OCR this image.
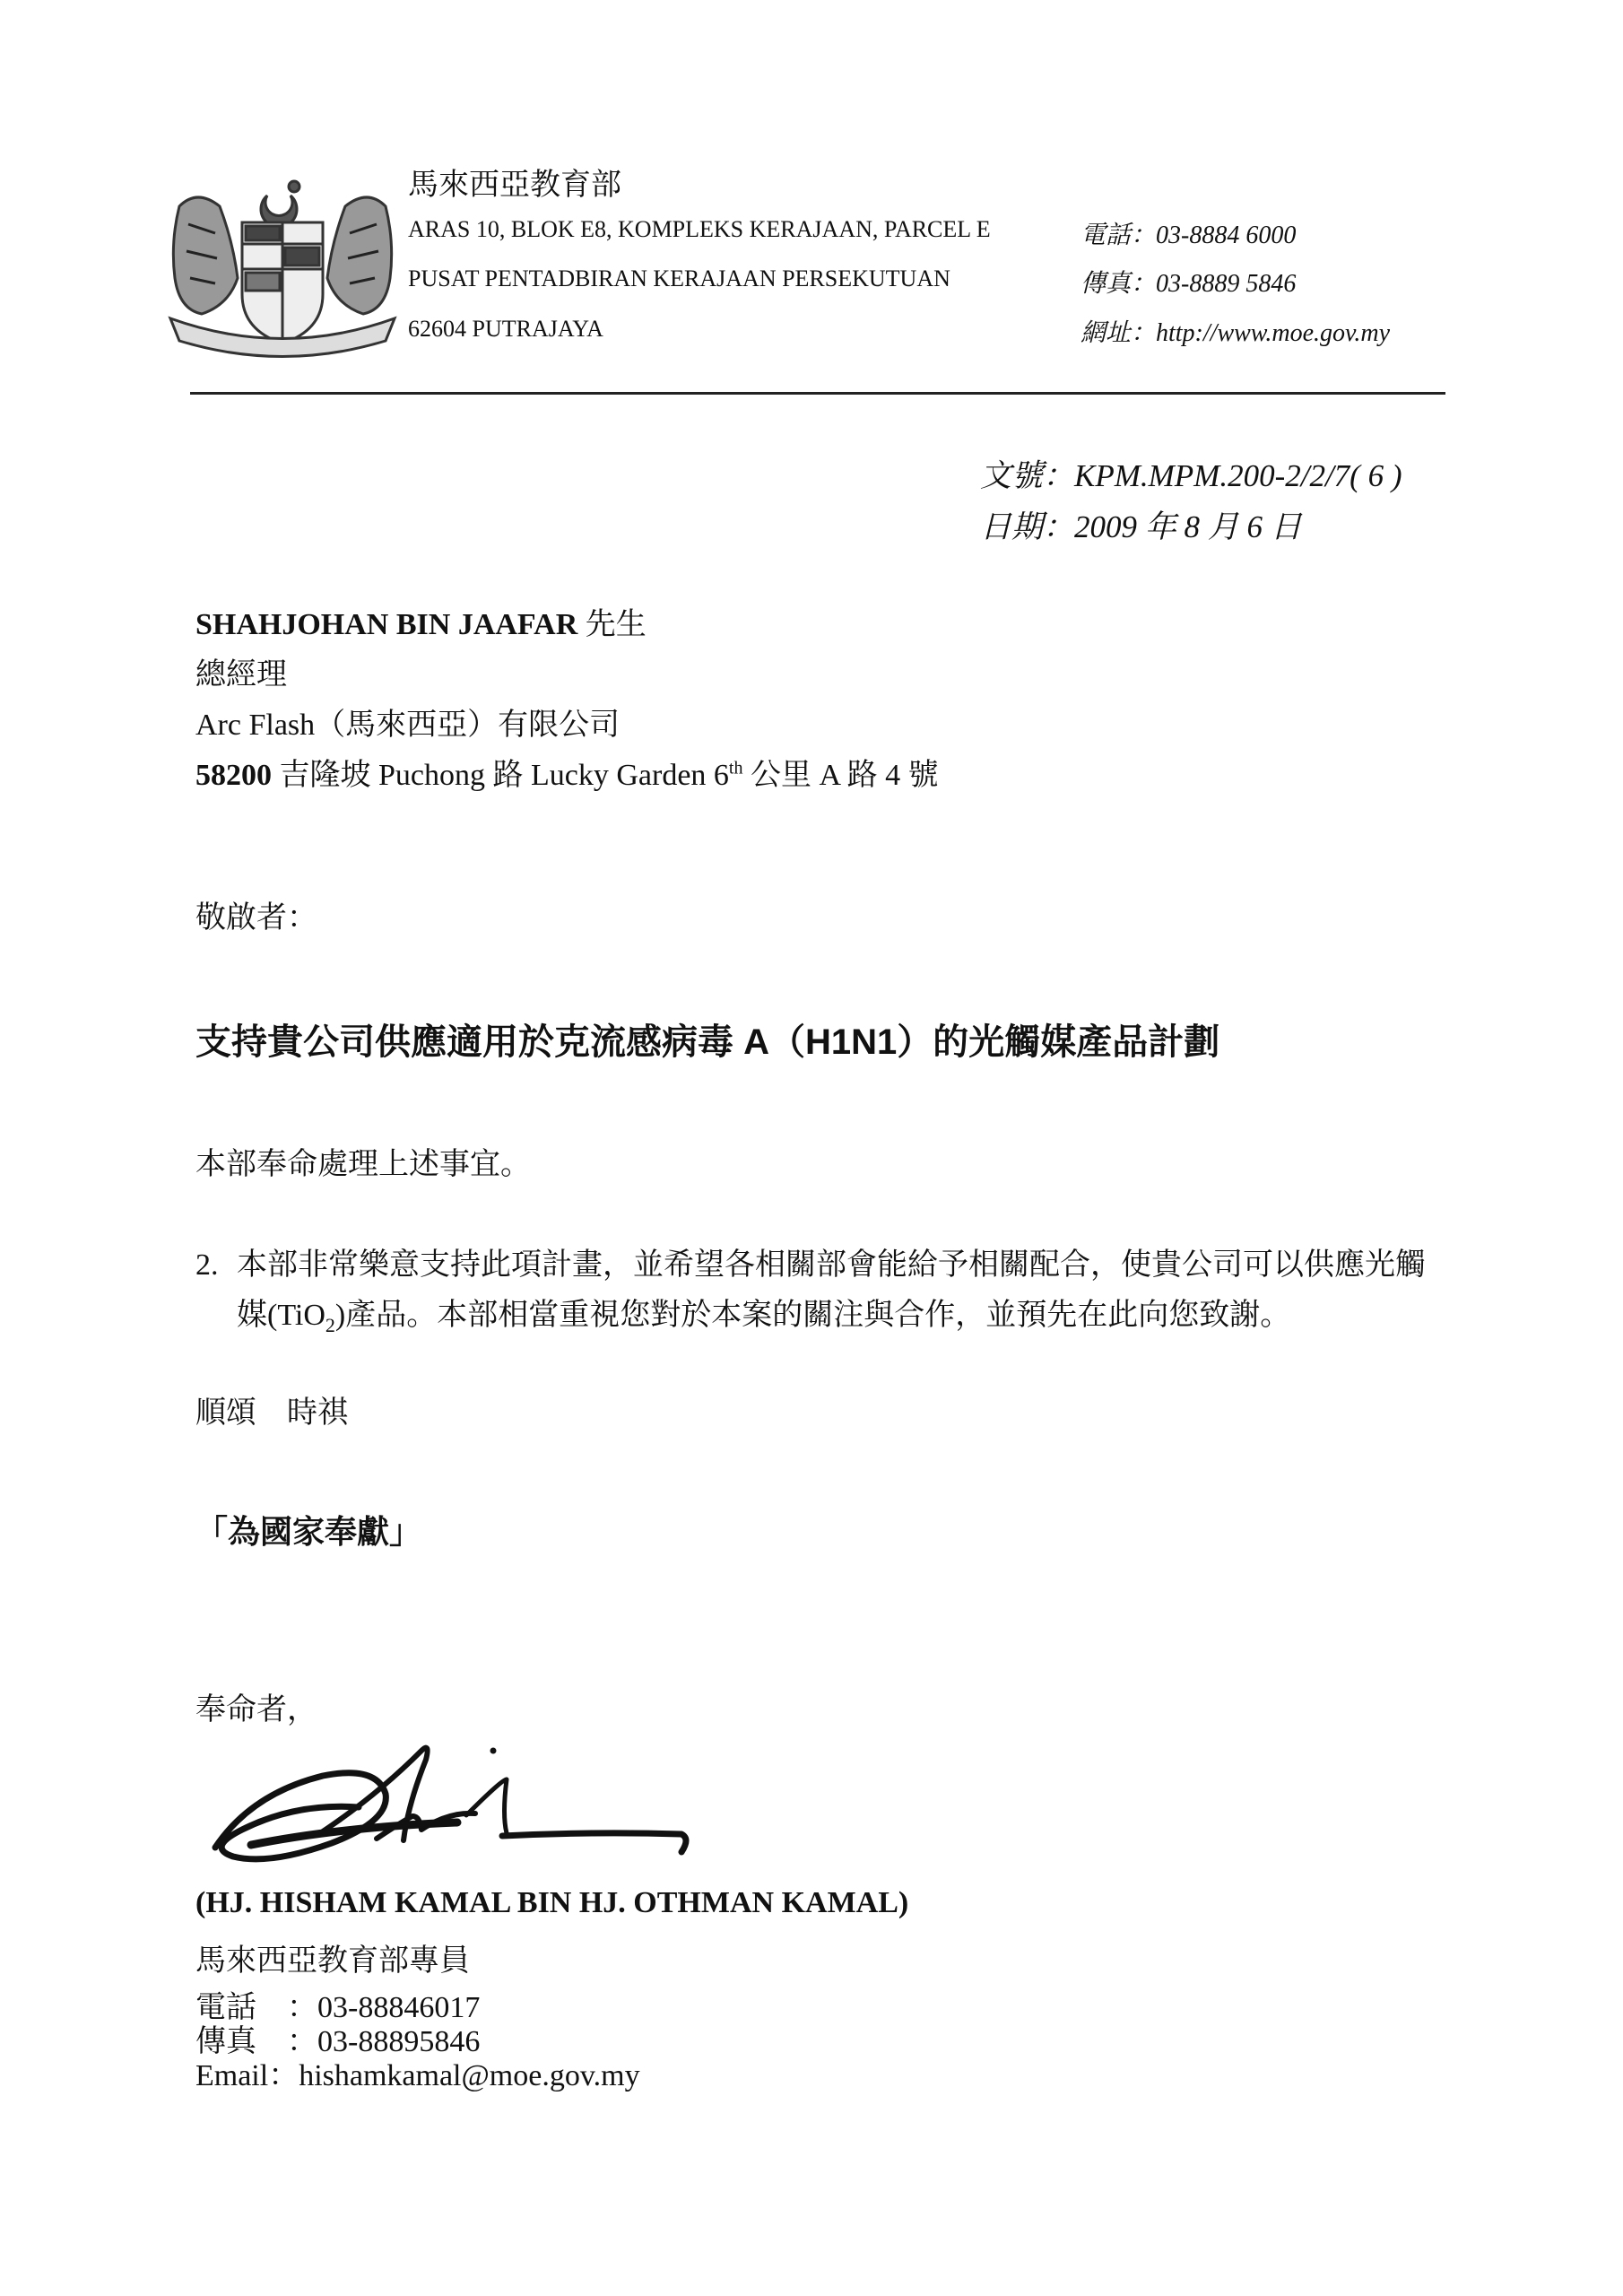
馬來西亞教育部
ARAS 10, BLOK E8, KOMPLEKS KERAJAAN, PARCEL E
PUSAT PENTADBIRAN KERAJAAN PERSEKUTUAN
62604 PUTRAJAYA
電話：03-8884 6000
傳真：03-8889 5846
網址：http://www.moe.gov.my
文號：KPM.MPM.200-2/2/7( 6 )
日期：2009 年 8 月 6 日
SHAHJOHAN BIN JAAFAR 先生
總經理
Arc Flash（馬來西亞）有限公司
58200 吉隆坡 Puchong 路 Lucky Garden 6th 公里 A 路 4 號
敬啟者：
支持貴公司供應適用於克流感病毒 A（H1N1）的光觸媒產品計劃
本部奉命處理上述事宜。
2. 本部非常樂意支持此項計畫，並希望各相關部會能給予相關配合，使貴公司可以供應光觸媒(TiO$_2$)產品。本部相當重視您對於本案的關注與合作，並預先在此向您致謝。
順頌　時祺
「為國家奉獻」
奉命者，
(HJ. HISHAM KAMAL BIN HJ. OTHMAN KAMAL)
馬來西亞教育部專員
電話　：03-88846017
傳真　：03-88895846
Email：hishamkamal@moe.gov.my
